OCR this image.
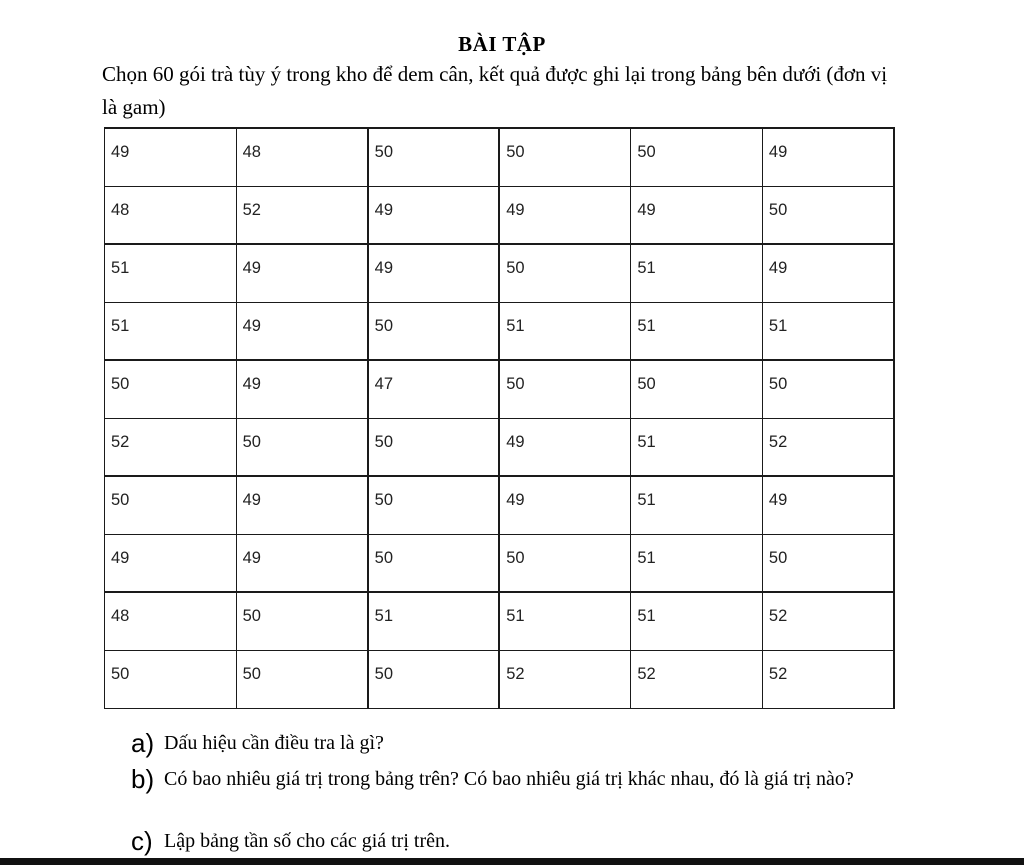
BÀI TẬP
Chọn 60 gói trà tùy ý trong kho để dem cân, kết quả được ghi lại trong bảng bên dưới (đơn vị là gam)
49	48	50	50	50	49
48	52	49	49	49	50
51	49	49	50	51	49
51	49	50	51	51	51
50	49	47	50	50	50
52	50	50	49	51	52
50	49	50	49	51	49
49	49	50	50	51	50
48	50	51	51	51	52
50	50	50	52	52	52
a) Dấu hiệu cần điều tra là gì?
b) Có bao nhiêu giá trị trong bảng trên? Có bao nhiêu giá trị khác nhau, đó là giá trị nào?
c) Lập bảng tần số cho các giá trị trên.
